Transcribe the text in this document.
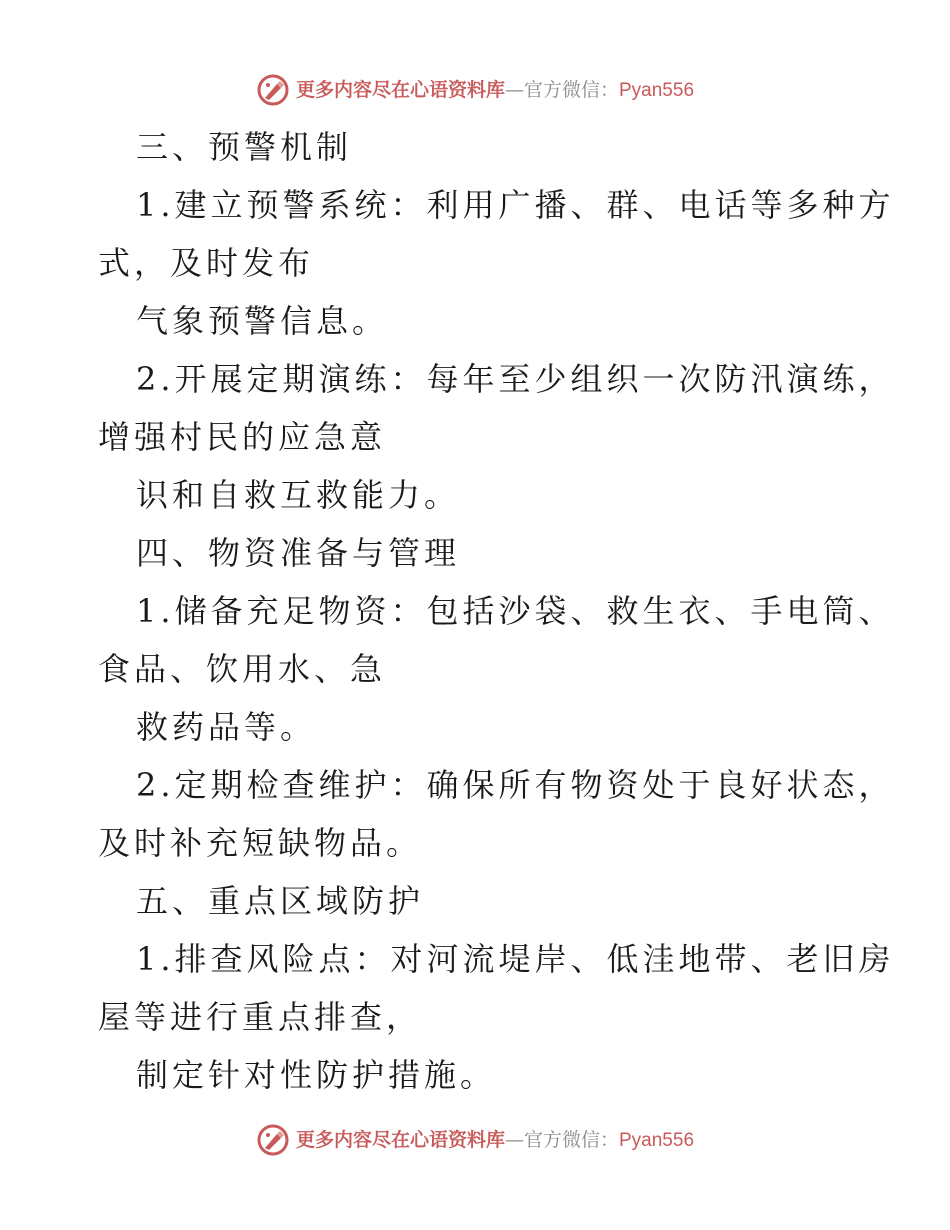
更多内容尽在心语资料库—官方微信：Pyan556
三、预警机制
1.建立预警系统：利用广播、群、电话等多种方
式，及时发布
气象预警信息。
2.开展定期演练：每年至少组织一次防汛演练，
增强村民的应急意
识和自救互救能力。
四、物资准备与管理
1.储备充足物资：包括沙袋、救生衣、手电筒、
食品、饮用水、急
救药品等。
2.定期检查维护：确保所有物资处于良好状态，
及时补充短缺物品。
五、重点区域防护
1.排查风险点：对河流堤岸、低洼地带、老旧房
屋等进行重点排查，
制定针对性防护措施。
更多内容尽在心语资料库—官方微信：Pyan556
